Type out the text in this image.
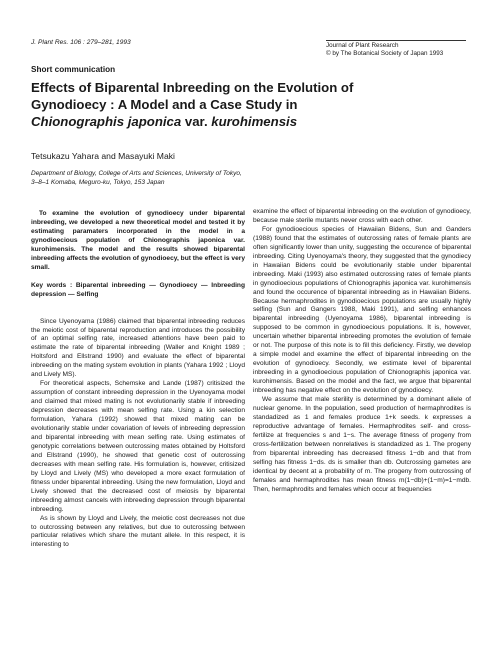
J. Plant Res. 106 : 279–281, 1993	Journal of Plant Research
© by The Botanical Society of Japan 1993
Short communication
Effects of Biparental Inbreeding on the Evolution of
Gynodioecy : A Model and a Case Study in
Chionographis japonica var. kurohimensis
Tetsukazu Yahara and Masayuki Maki
Department of Biology, College of Arts and Sciences, University of Tokyo,
3–8–1 Komaba, Meguro-ku, Tokyo, 153 Japan
To examine the evolution of gynodioecy under biparental inbreeding, we developed a new theoretical model and tested it by estimating paramaters incorporated in the model in a gynodioecious population of Chionographis japonica var. kurohimensis. The model and the results showed biparental inbreeding affects the evolution of gynodioecy, but the effect is very small.
Key words : Biparental inbreeding — Gynodioecy — Inbreeding depression — Selfing
Since Uyenoyama (1986) claimed that biparental inbreeding reduces the meiotic cost of biparental reproduction and introduces the possibility of an optimal selfing rate, increased attentions have been paid to estimate the rate of biparental inbreeding (Waller and Knight 1989 ; Holtsford and Ellstrand 1990) and evaluate the effect of biparental inbreeding on the mating system evolution in plants (Yahara 1992 ; Lloyd and Lively MS).
For theoretical aspects, Schemske and Lande (1987) critisized the assumption of constant inbreeding depression in the Uyenoyama model and claimed that mixed mating is not evolutionarily stable if inbreeding depression decreases with mean selfing rate. Using a kin selection formulation, Yahara (1992) showed that mixed mating can be evolutionarily stable under covariation of levels of inbreeding depression and biparental inbreeding with mean selfing rate. Using estimates of genotypic correlations between outcrossing mates obtained by Holtsford and Ellstrand (1990), he showed that genetic cost of outcrossing decreases with mean selfing rate. His formulation is, however, critisized by Lloyd and Lively (MS) who developed a more exact formulation of fitness under biparental inbreeding. Using the new formulation, Lloyd and Lively showed that the decreased cost of meiosis by biparental inbreeding almost cancels with inbreeding depression through biparental inbreeding.
As is shown by Lloyd and Lively, the meiotic cost decreases not due to outcrossing between any relatives, but due to outcrossing between particular relatives which share the mutant allele. In this respect, it is interesting to
examine the effect of biparental inbreeding on the evolution of gynodioecy, because male sterile mutants never cross with each other.
For gynodioecious species of Hawaiian Bidens, Sun and Ganders (1988) found that the estimates of outcrossing rates of female plants are often significantly lower than unity, suggesting the occurence of biparental inbreeding. Citing Uyenoyama's theory, they suggested that the gynodiecy in Hawaiian Bidens could be evolutionarily stable under biparental inbreeding. Maki (1993) also estimated outcrossing rates of female plants in gynodioecious populations of Chionographis japonica var. kurohimensis and found the occurence of biparental inbreeding as in Hawaiian Bidens. Because hermaphrodites in gynodioecious populations are usually highly selfing (Sun and Gangers 1988, Maki 1991), and selfing enhances biparental inbreeding (Uyenoyama 1986), biparental inbreeding is supposed to be common in gynodioecious populations. It is, however, uncertain whether biparental inbreeding promotes the evolution of female or not. The purpose of this note is to fill this deficiency. Firstly, we develop a simple model and examine the effect of biparental inbreeding on the evolution of gynodioecy. Secondly, we estimate level of biparental inbreeding in a gynodioecious population of Chionographis japonica var. kurohimensis. Based on the model and the fact, we argue that biparental inbreeding has negative effect on the evolution of gynodioecy.
We assume that male sterility is determined by a dominant allele of nuclear genome. In the population, seed production of hermaphrodites is standadized as 1 and females produce 1+k seeds. k expresses a reproductive advantage of females. Hermaphrodites self- and cross-fertilize at frequencies s and 1−s. The average fitness of progeny from cross-fertilization between nonrelatives is standadized as 1. The progeny from biparental inbreeding has decreased fitness 1−db and that from selfing has fitness 1−ds. ds is smaller than db. Outcrossing gametes are identical by decent at a probability of m. The progeny from outcrossing of females and hermaphrodites has mean fitness m(1−db)+(1−m)=1−mdb. Then, hermaphrodits and females which occur at frequencies
